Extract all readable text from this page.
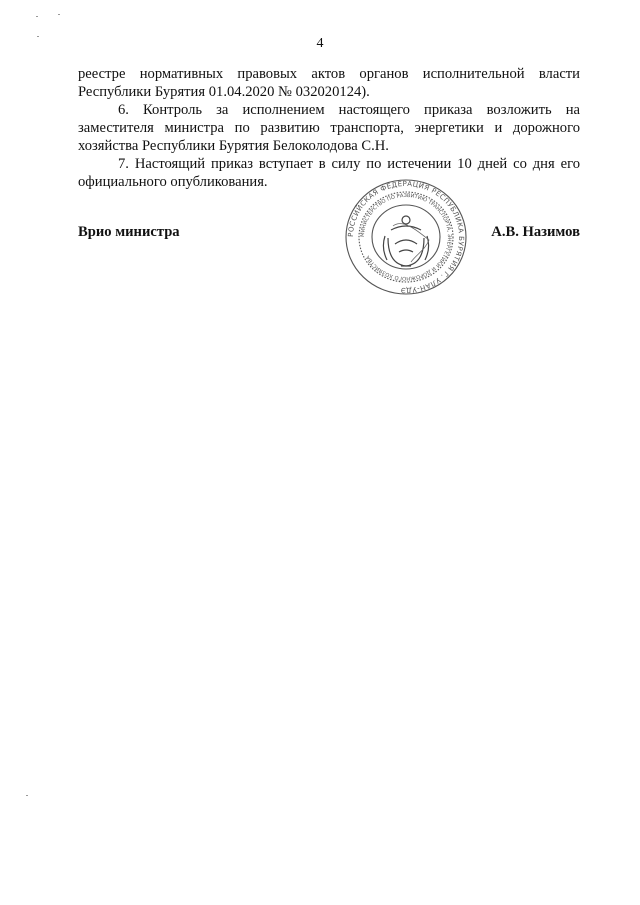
4

реестре нормативных правовых актов органов исполнительной власти Республики Бурятия 01.04.2020 № 032020124).

6. Контроль за исполнением настоящего приказа возложить на заместителя министра по развитию транспорта, энергетики и дорожного хозяйства Республики Бурятия Белоколодова С.Н.

7. Настоящий приказ вступает в силу по истечении 10 дней со дня его официального опубликования.

Врио министра	А.В. Назимов
РОССИЙСКАЯ ФЕДЕРАЦИЯ РЕСПУБЛИКА БУРЯТИЯ Г. УЛАН-УДЭ
МИНИСТЕРСТВО ПО РАЗВИТИЮ ТРАНСПОРТА, ЭНЕРГЕТИКИ И ДОРОЖНОГО ХОЗЯЙСТВА
